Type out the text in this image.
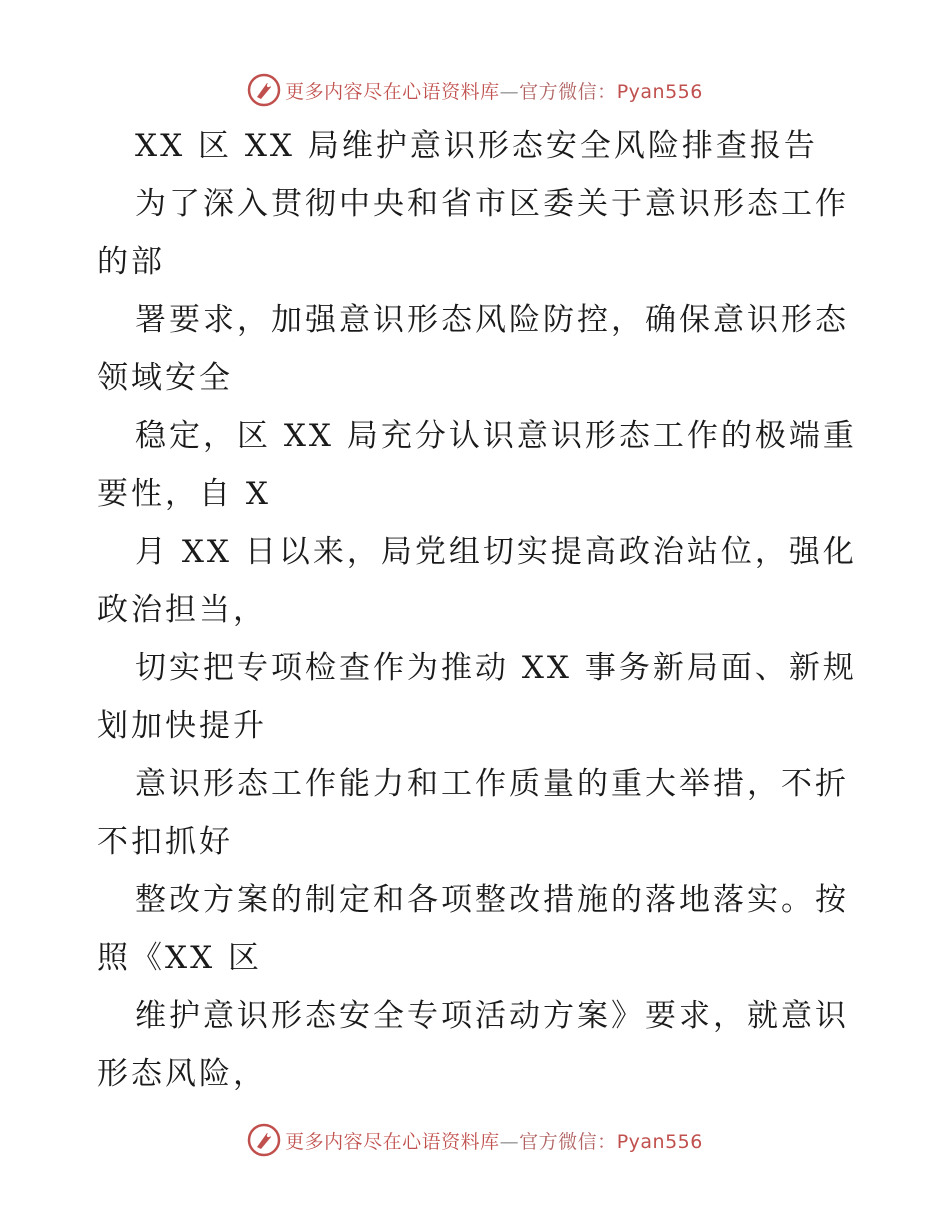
更多内容尽在心语资料库—官方微信：Pyan556
XX 区 XX 局维护意识形态安全风险排查报告
为了深入贯彻中央和省市区委关于意识形态工作
的部
署要求，加强意识形态风险防控，确保意识形态
领域安全
稳定，区 XX 局充分认识意识形态工作的极端重
要性，自 X
月 XX 日以来，局党组切实提高政治站位，强化
政治担当，
切实把专项检查作为推动 XX 事务新局面、新规
划加快提升
意识形态工作能力和工作质量的重大举措，不折
不扣抓好
整改方案的制定和各项整改措施的落地落实。按
照《XX 区
维护意识形态安全专项活动方案》要求，就意识
形态风险，
更多内容尽在心语资料库—官方微信：Pyan556
